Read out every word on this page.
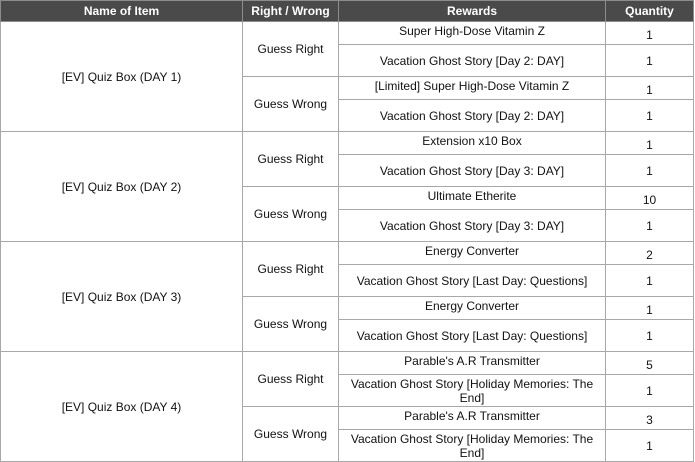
Name of Item	Right / Wrong	Rewards	Quantity
[EV] Quiz Box (DAY 1)	Guess Right	Super High-Dose Vitamin Z	1
		Vacation Ghost Story [Day 2: DAY]	1
	Guess Wrong	[Limited] Super High-Dose Vitamin Z	1
		Vacation Ghost Story [Day 2: DAY]	1
[EV] Quiz Box (DAY 2)	Guess Right	Extension x10 Box	1
		Vacation Ghost Story [Day 3: DAY]	1
	Guess Wrong	Ultimate Etherite	10
		Vacation Ghost Story [Day 3: DAY]	1
[EV] Quiz Box (DAY 3)	Guess Right	Energy Converter	2
		Vacation Ghost Story [Last Day: Questions]	1
	Guess Wrong	Energy Converter	1
		Vacation Ghost Story [Last Day: Questions]	1
[EV] Quiz Box (DAY 4)	Guess Right	Parable's A.R Transmitter	5
		Vacation Ghost Story [Holiday Memories: The End]	1
	Guess Wrong	Parable's A.R Transmitter	3
		Vacation Ghost Story [Holiday Memories: The End]	1
